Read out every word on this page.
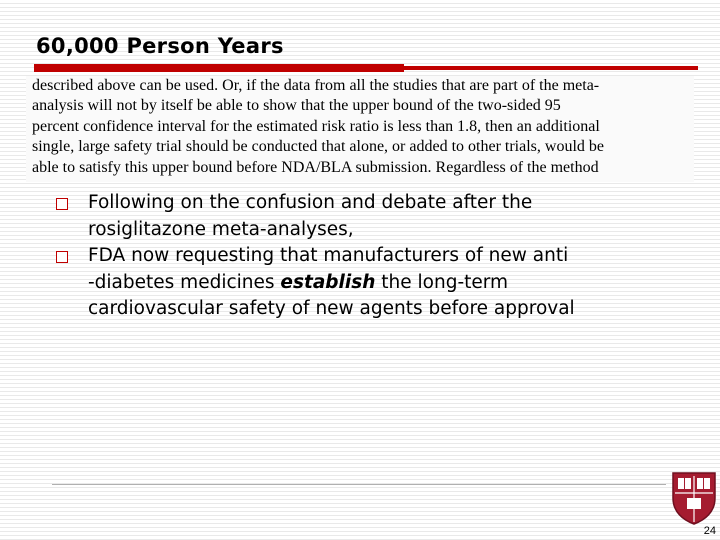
60,000 Person Years
described above can be used. Or, if the data from all the studies that are part of the meta-
analysis will not by itself be able to show that the upper bound of the two-sided 95
percent confidence interval for the estimated risk ratio is less than 1.8, then an additional
single, large safety trial should be conducted that alone, or added to other trials, would be
able to satisfy this upper bound before NDA/BLA submission. Regardless of the method
Following on the confusion and debate after the
rosiglitazone meta-analyses,
FDA now requesting that manufacturers of new anti
-diabetes medicines establish the long-term
cardiovascular safety of new agents before approval
24
